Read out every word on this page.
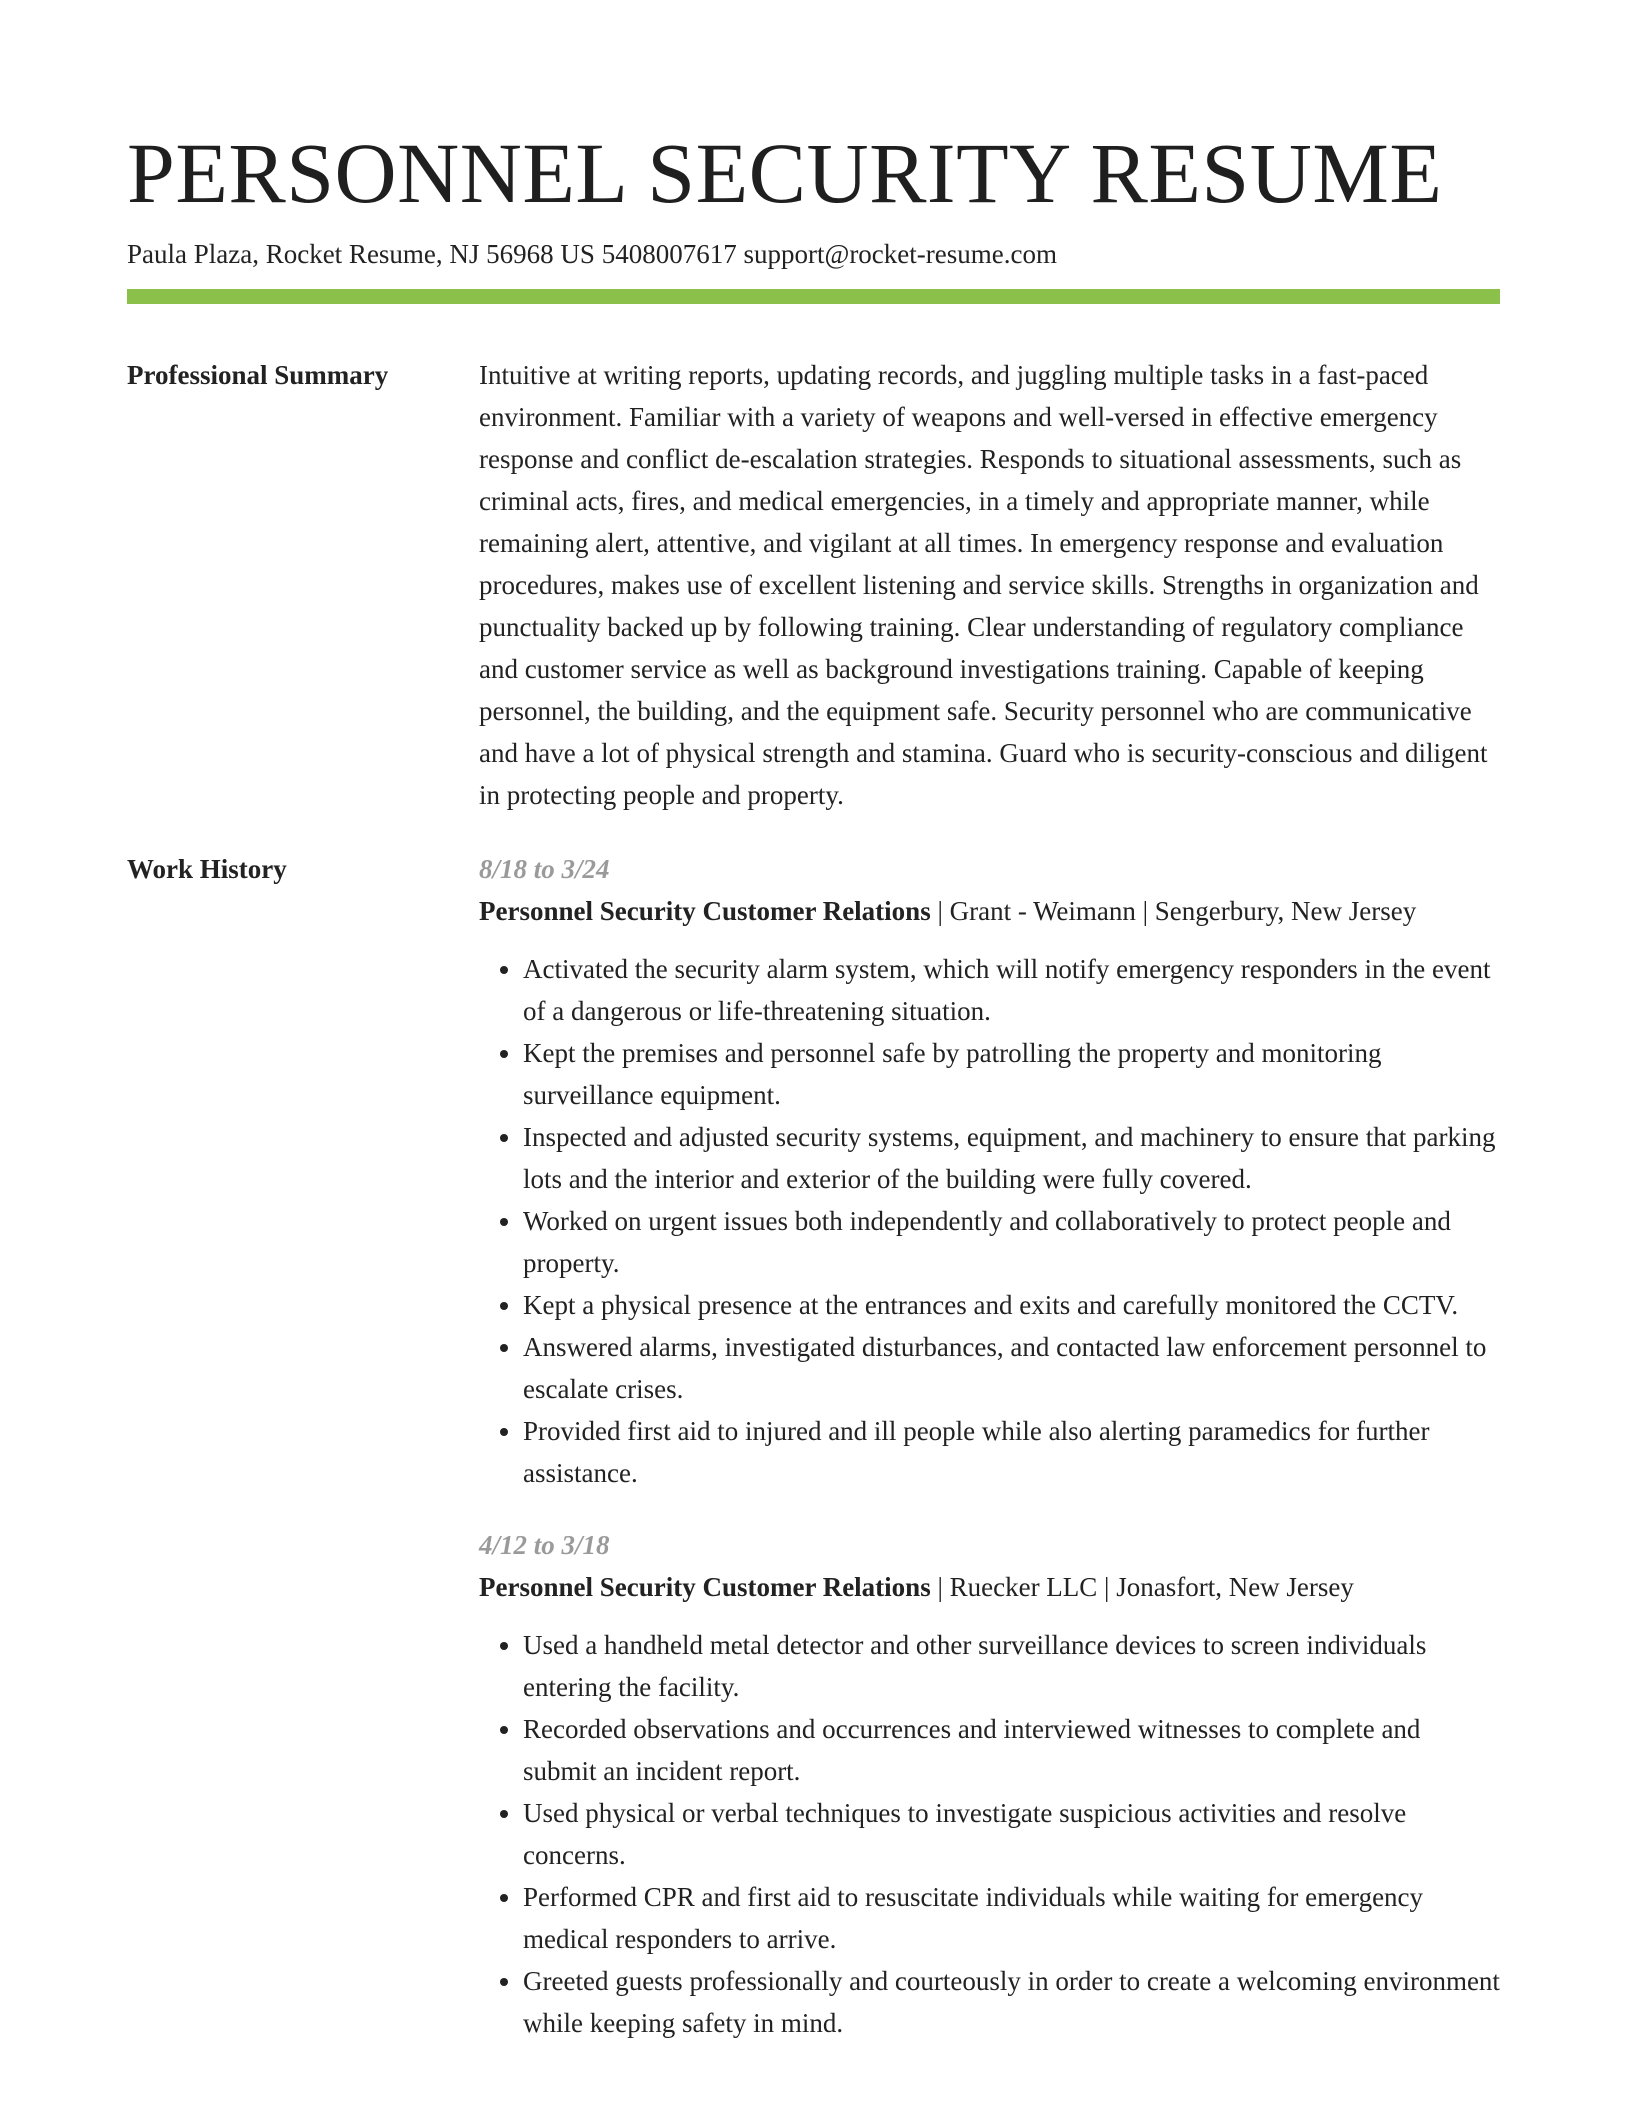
PERSONNEL SECURITY RESUME
Paula Plaza, Rocket Resume, NJ 56968 US 5408007617 support@rocket-resume.com
Professional Summary	Intuitive at writing reports, updating records, and juggling multiple tasks in a fast-paced environment. Familiar with a variety of weapons and well-versed in effective emergency response and conflict de-escalation strategies. Responds to situational assessments, such as criminal acts, fires, and medical emergencies, in a timely and appropriate manner, while remaining alert, attentive, and vigilant at all times. In emergency response and evaluation procedures, makes use of excellent listening and service skills. Strengths in organization and punctuality backed up by following training. Clear understanding of regulatory compliance and customer service as well as background investigations training. Capable of keeping personnel, the building, and the equipment safe. Security personnel who are communicative and have a lot of physical strength and stamina. Guard who is security-conscious and diligent in protecting people and property.

Work History	8/18 to 3/24
Personnel Security Customer Relations | Grant - Weimann | Sengerbury, New Jersey
• Activated the security alarm system, which will notify emergency responders in the event of a dangerous or life-threatening situation.
• Kept the premises and personnel safe by patrolling the property and monitoring surveillance equipment.
• Inspected and adjusted security systems, equipment, and machinery to ensure that parking lots and the interior and exterior of the building were fully covered.
• Worked on urgent issues both independently and collaboratively to protect people and property.
• Kept a physical presence at the entrances and exits and carefully monitored the CCTV.
• Answered alarms, investigated disturbances, and contacted law enforcement personnel to escalate crises.
• Provided first aid to injured and ill people while also alerting paramedics for further assistance.
4/12 to 3/18
Personnel Security Customer Relations | Ruecker LLC | Jonasfort, New Jersey
• Used a handheld metal detector and other surveillance devices to screen individuals entering the facility.
• Recorded observations and occurrences and interviewed witnesses to complete and submit an incident report.
• Used physical or verbal techniques to investigate suspicious activities and resolve concerns.
• Performed CPR and first aid to resuscitate individuals while waiting for emergency medical responders to arrive.
• Greeted guests professionally and courteously in order to create a welcoming environment while keeping safety in mind.
